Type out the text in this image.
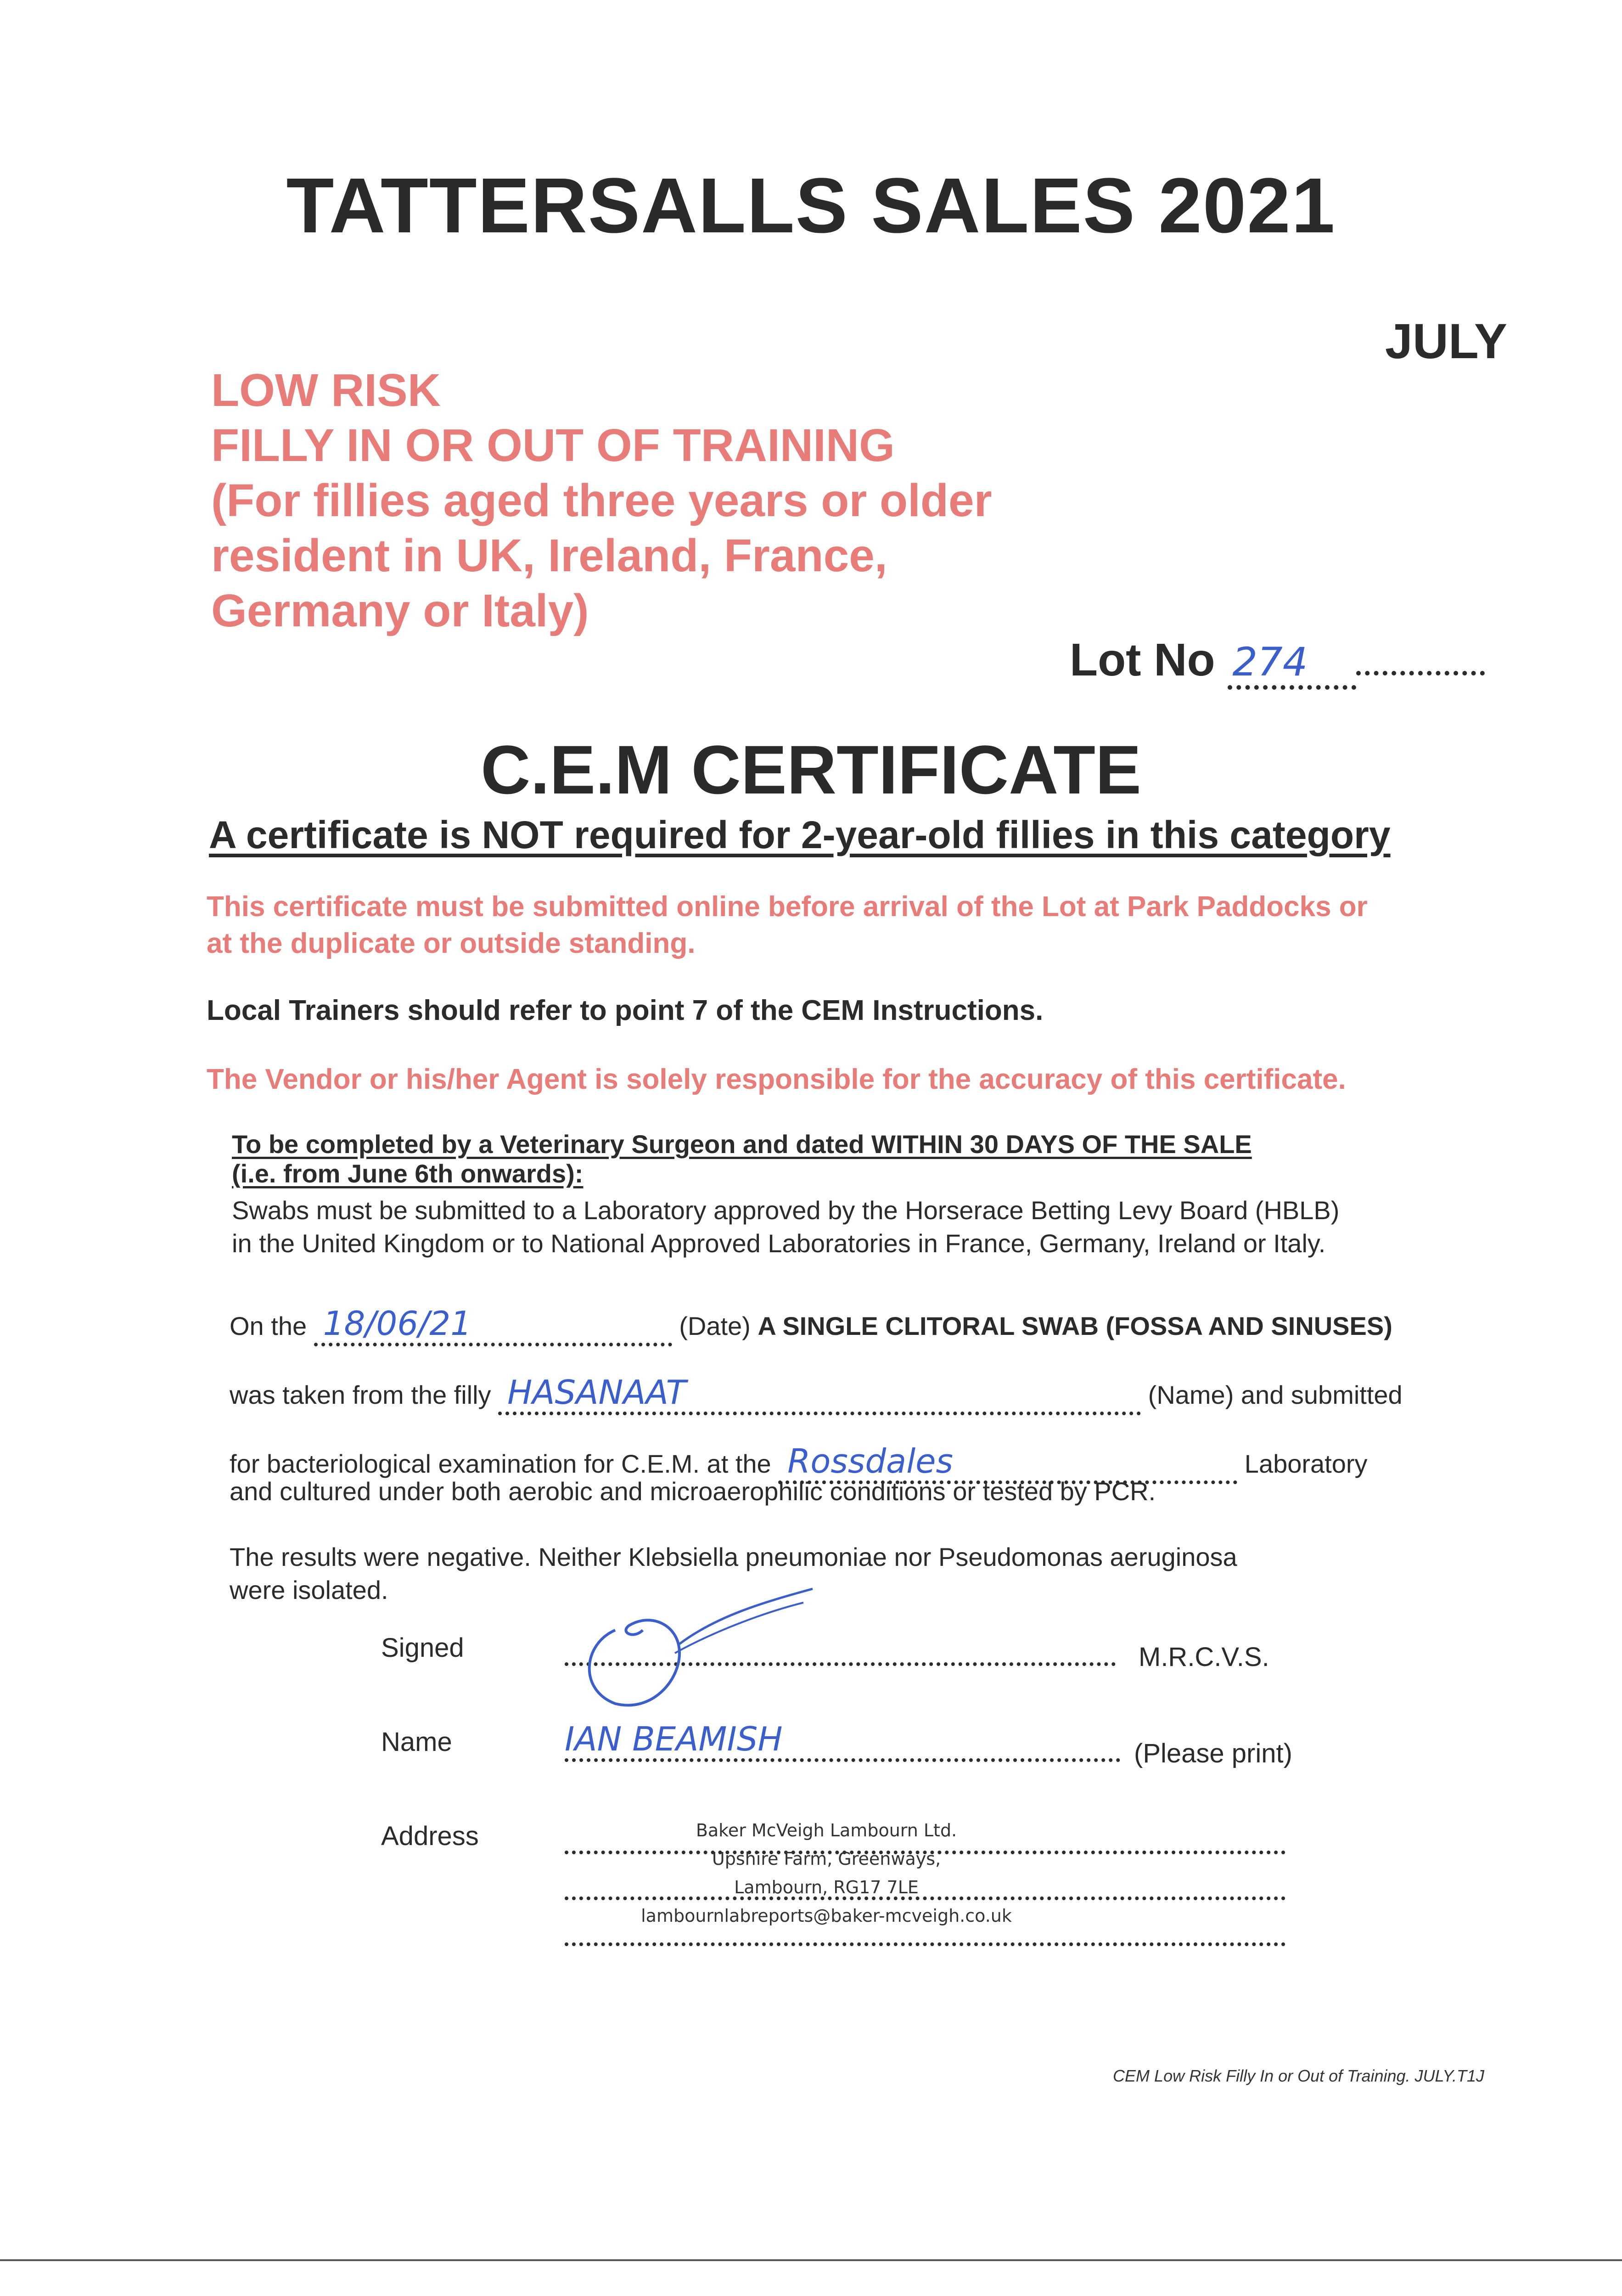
TATTERSALLS SALES 2021
JULY
LOW RISK
FILLY IN OR OUT OF TRAINING
(For fillies aged three years or older
resident in UK, Ireland, France,
Germany or Italy)
Lot No 274
C.E.M CERTIFICATE
A certificate is NOT required for 2-year-old fillies in this category
This certificate must be submitted online before arrival of the Lot at Park Paddocks or
at the duplicate or outside standing.
Local Trainers should refer to point 7 of the CEM Instructions.
The Vendor or his/her Agent is solely responsible for the accuracy of this certificate.
To be completed by a Veterinary Surgeon and dated WITHIN 30 DAYS OF THE SALE
(i.e. from June 6th onwards):
Swabs must be submitted to a Laboratory approved by the Horserace Betting Levy Board (HBLB)
in the United Kingdom or to National Approved Laboratories in France, Germany, Ireland or Italy.
On the 18/06/21	(Date) A SINGLE CLITORAL SWAB (FOSSA AND SINUSES)
was taken from the filly HASANAAT	(Name) and submitted
for bacteriological examination for C.E.M. at the Rossdales	Laboratory
and cultured under both aerobic and microaerophilic conditions or tested by PCR.
The results were negative. Neither Klebsiella pneumoniae nor Pseudomonas aeruginosa
were isolated.
Signed	M.R.C.V.S.
Name	IAN BEAMISH	(Please print)
Address	Baker McVeigh Lambourn Ltd.
Upshire Farm, Greenways,
Lambourn, RG17 7LE
lambournlabreports@baker-mcveigh.co.uk
CEM Low Risk Filly In or Out of Training. JULY.T1J
